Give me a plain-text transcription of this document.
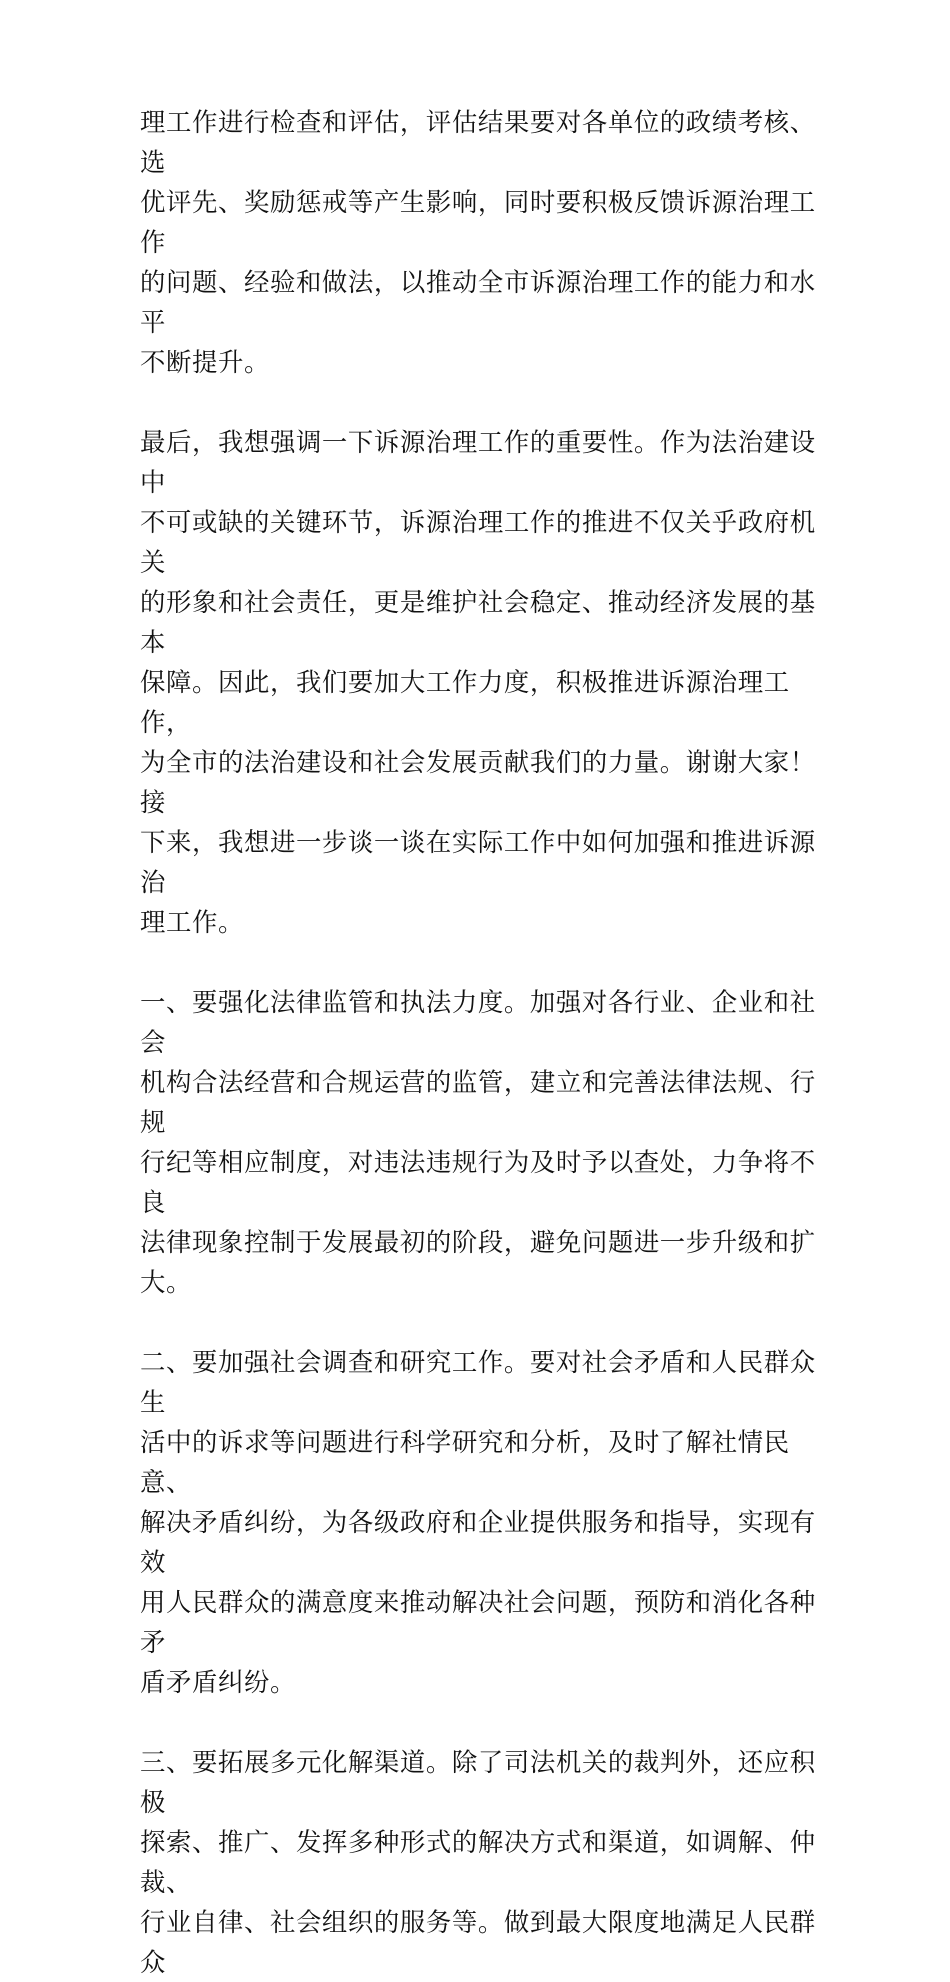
理工作进行检查和评估，评估结果要对各单位的政绩考核、选
优评先、奖励惩戒等产生影响，同时要积极反馈诉源治理工作
的问题、经验和做法，以推动全市诉源治理工作的能力和水平
不断提升。

最后，我想强调一下诉源治理工作的重要性。作为法治建设中
不可或缺的关键环节，诉源治理工作的推进不仅关乎政府机关
的形象和社会责任，更是维护社会稳定、推动经济发展的基本
保障。因此，我们要加大工作力度，积极推进诉源治理工作，
为全市的法治建设和社会发展贡献我们的力量。谢谢大家！接
下来，我想进一步谈一谈在实际工作中如何加强和推进诉源治
理工作。

一、要强化法律监管和执法力度。加强对各行业、企业和社会
机构合法经营和合规运营的监管，建立和完善法律法规、行规
行纪等相应制度，对违法违规行为及时予以查处，力争将不良
法律现象控制于发展最初的阶段，避免问题进一步升级和扩大。

二、要加强社会调查和研究工作。要对社会矛盾和人民群众生
活中的诉求等问题进行科学研究和分析，及时了解社情民意、
解决矛盾纠纷，为各级政府和企业提供服务和指导，实现有效
用人民群众的满意度来推动解决社会问题，预防和消化各种矛
盾矛盾纠纷。

三、要拓展多元化解渠道。除了司法机关的裁判外，还应积极
探索、推广、发挥多种形式的解决方式和渠道，如调解、仲裁、
行业自律、社会组织的服务等。做到最大限度地满足人民群众
